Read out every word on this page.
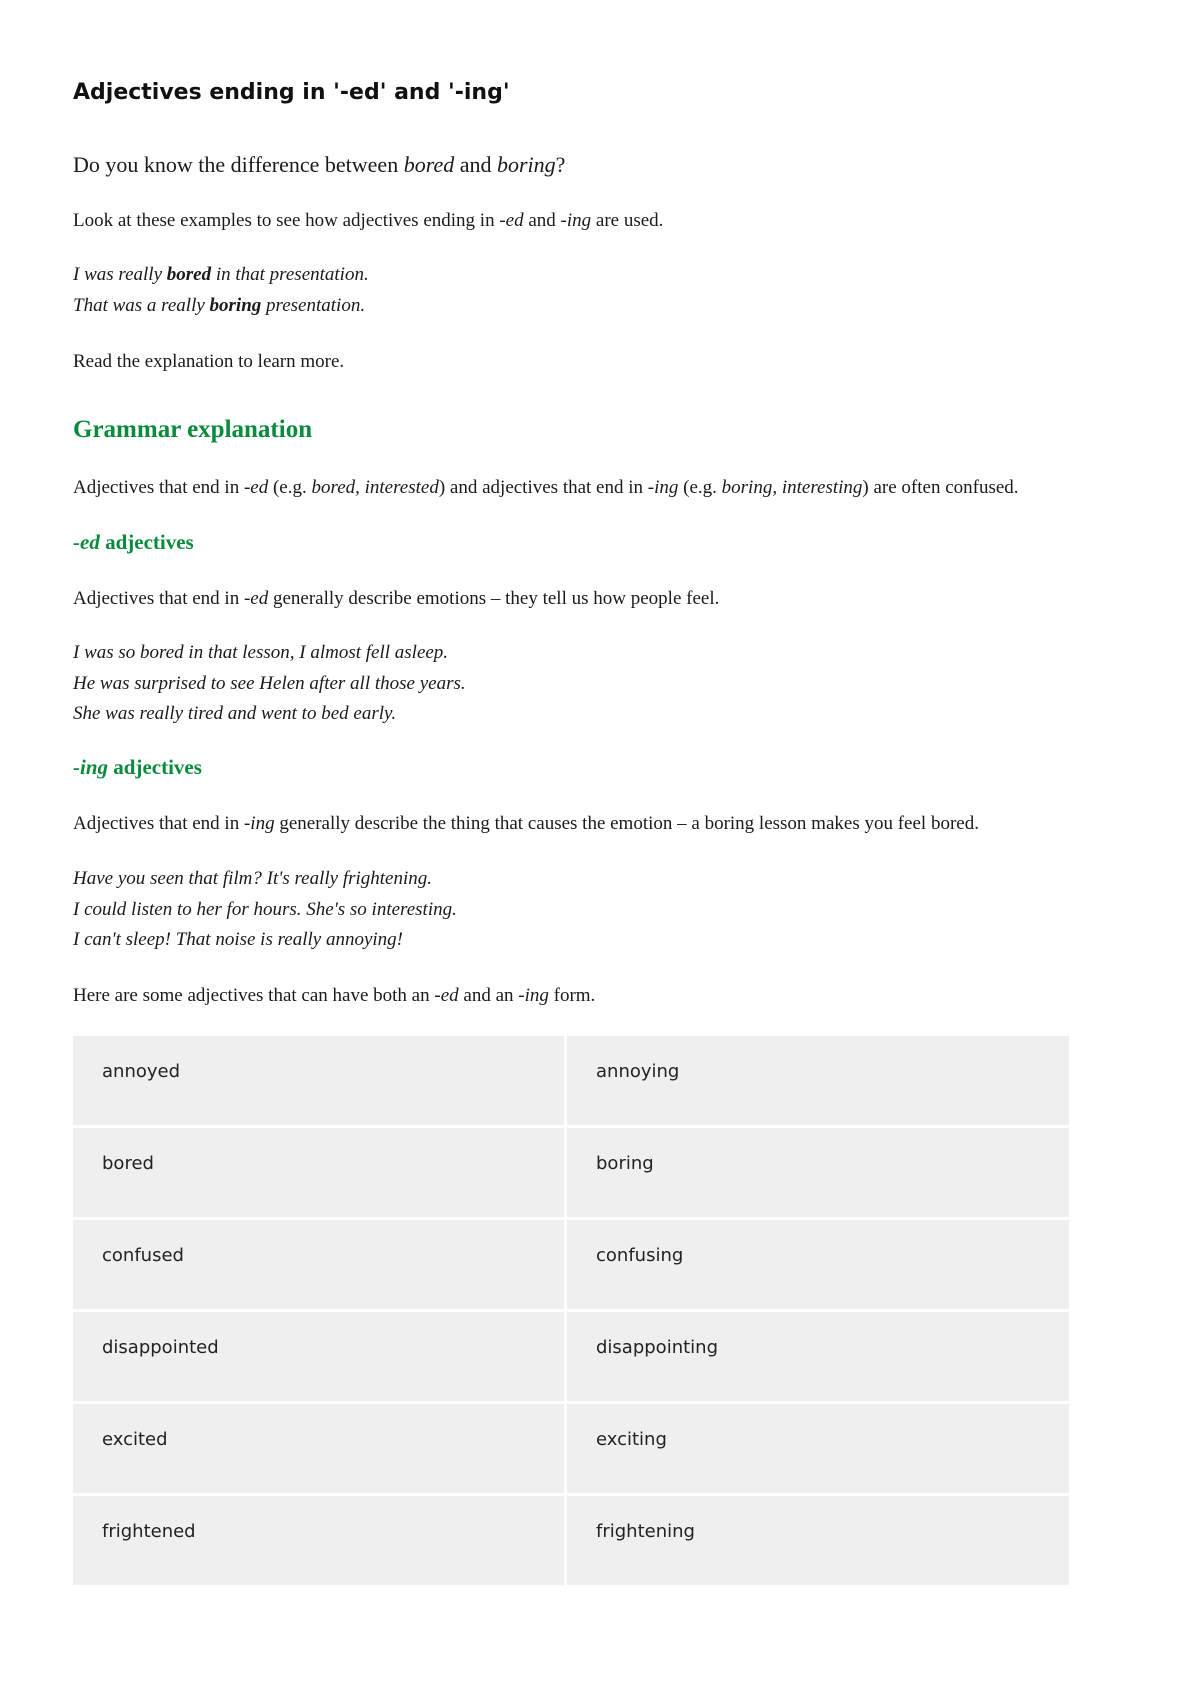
Adjectives ending in '-ed' and '-ing'

Do you know the difference between bored and boring?

Look at these examples to see how adjectives ending in -ed and -ing are used.

I was really bored in that presentation.
That was a really boring presentation.

Read the explanation to learn more.

Grammar explanation

Adjectives that end in -ed (e.g. bored, interested) and adjectives that end in -ing (e.g. boring, interesting) are often confused.

-ed adjectives

Adjectives that end in -ed generally describe emotions – they tell us how people feel.

I was so bored in that lesson, I almost fell asleep.
He was surprised to see Helen after all those years.
She was really tired and went to bed early.
-ing adjectives

Adjectives that end in -ing generally describe the thing that causes the emotion – a boring lesson makes you feel bored.

Have you seen that film? It's really frightening.
I could listen to her for hours. She's so interesting.
I can't sleep! That noise is really annoying!

Here are some adjectives that can have both an -ed and an -ing form.

annoyed	annoying

bored	boring

confused	confusing

disappointed	disappointing

excited	exciting

frightened	frightening
